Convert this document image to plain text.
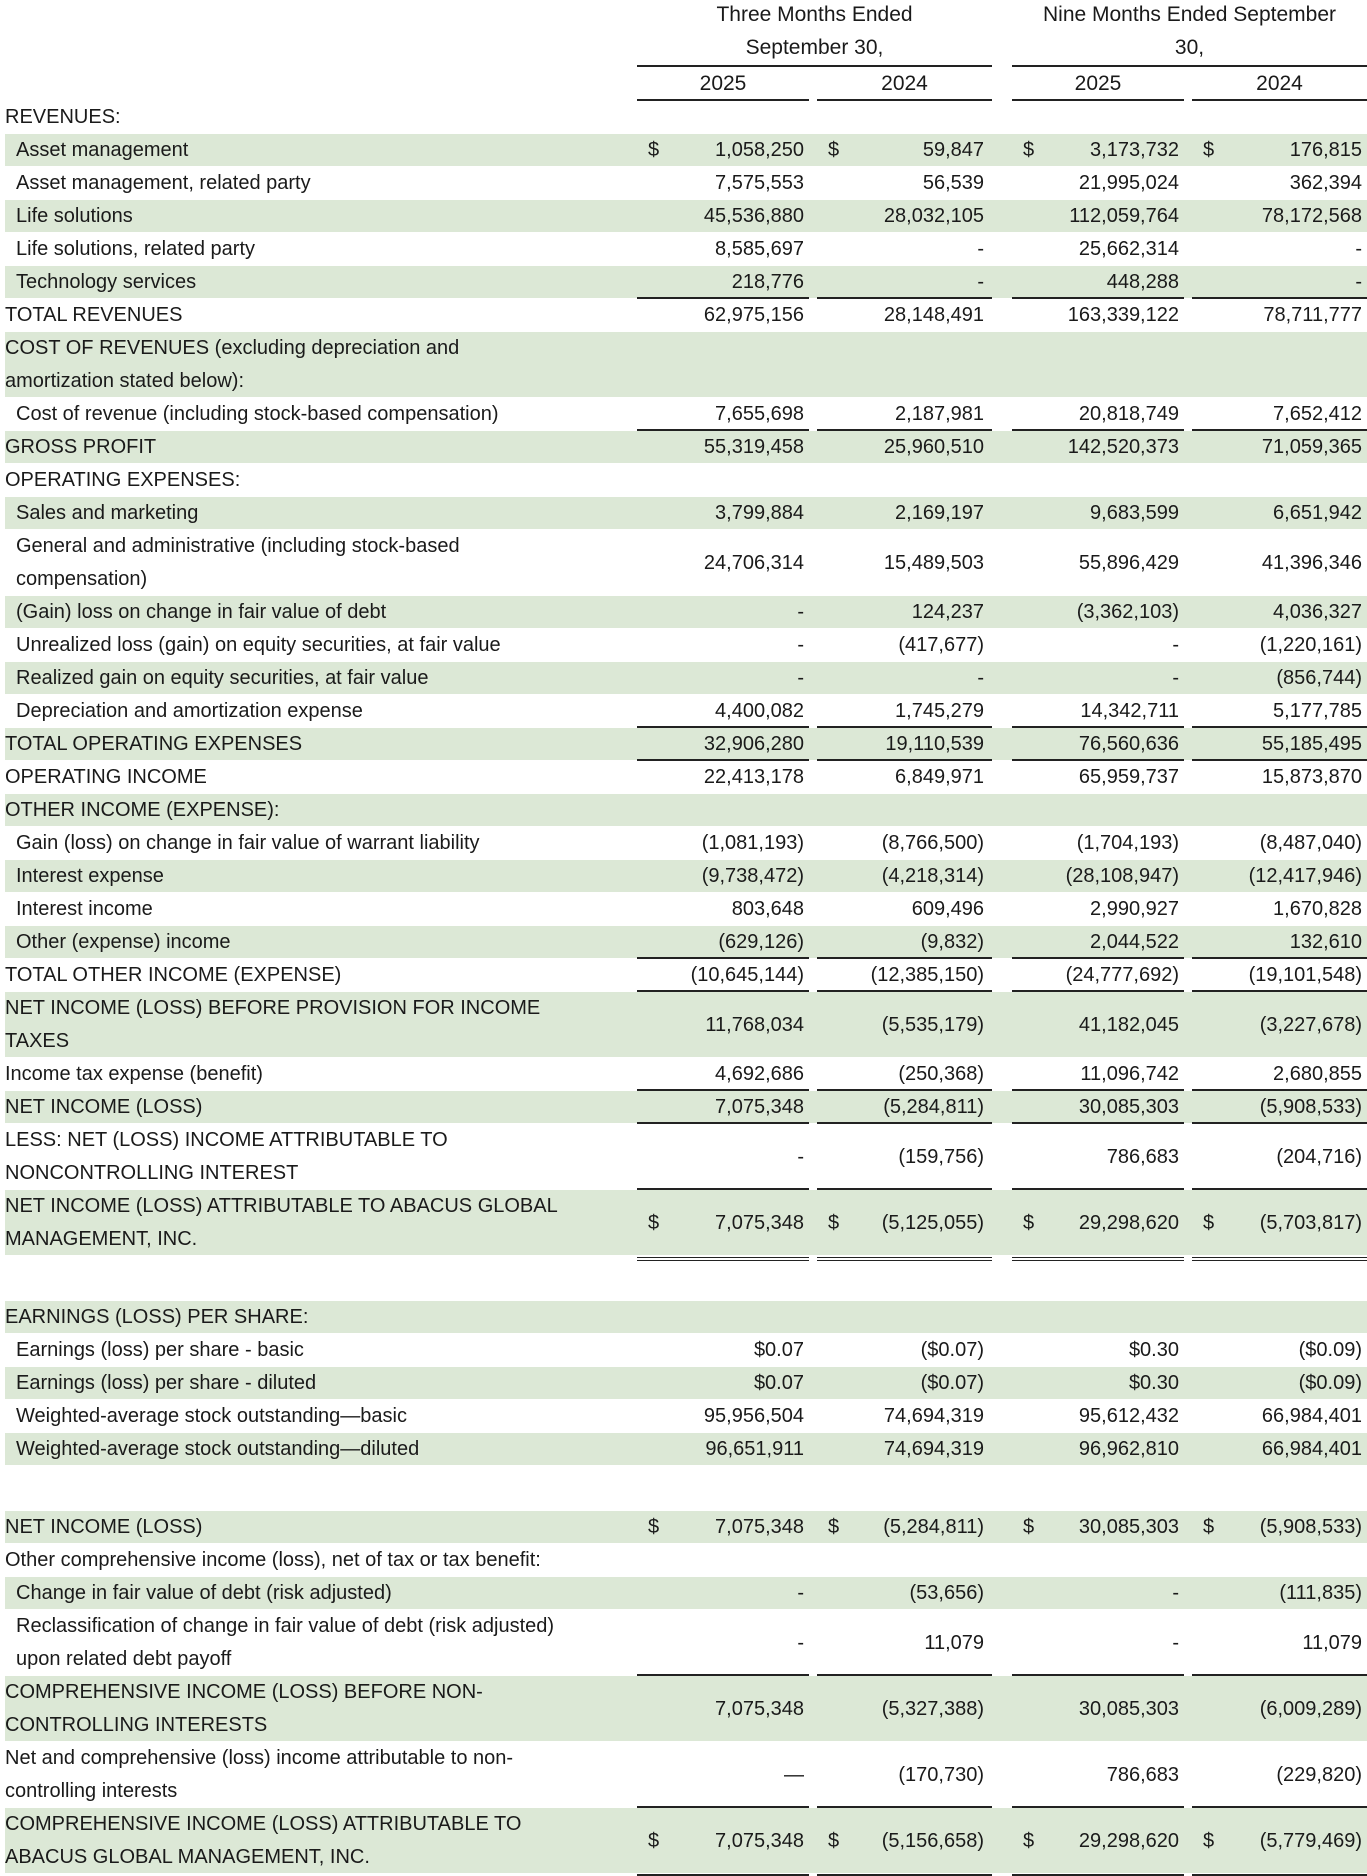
Three Months Ended
September 30,
Nine Months Ended September
30,
2025	2024	2025	2024
REVENUES:
Asset management	$	1,058,250 $	59,847 $	3,173,732 $	176,815
Asset management, related party	7,575,553	56,539	21,995,024	362,394
Life solutions	45,536,880	28,032,105	112,059,764	78,172,568
Life solutions, related party	8,585,697	-	25,662,314	-
Technology services	218,776	-	448,288	-
TOTAL REVENUES	62,975,156	28,148,491	163,339,122	78,711,777
COST OF REVENUES (excluding depreciation and
amortization stated below):
Cost of revenue (including stock-based compensation)	7,655,698	2,187,981	20,818,749	7,652,412
GROSS PROFIT	55,319,458	25,960,510	142,520,373	71,059,365
OPERATING EXPENSES:
Sales and marketing	3,799,884	2,169,197	9,683,599	6,651,942
General and administrative (including stock-based
compensation)
24,706,314	15,489,503	55,896,429	41,396,346
(Gain) loss on change in fair value of debt	-	124,237	(3,362,103)	4,036,327
Unrealized loss (gain) on equity securities, at fair value	-	(417,677)	-	(1,220,161)
Realized gain on equity securities, at fair value	-	-	-	(856,744)
Depreciation and amortization expense	4,400,082	1,745,279	14,342,711	5,177,785
TOTAL OPERATING EXPENSES	32,906,280	19,110,539	76,560,636	55,185,495
OPERATING INCOME	22,413,178	6,849,971	65,959,737	15,873,870
OTHER INCOME (EXPENSE):
Gain (loss) on change in fair value of warrant liability	(1,081,193)	(8,766,500)	(1,704,193)	(8,487,040)
Interest expense	(9,738,472)	(4,218,314)	(28,108,947)	(12,417,946)
Interest income	803,648	609,496	2,990,927	1,670,828
Other (expense) income	(629,126)	(9,832)	2,044,522	132,610
TOTAL OTHER INCOME (EXPENSE)	(10,645,144)	(12,385,150)	(24,777,692)	(19,101,548)
NET INCOME (LOSS) BEFORE PROVISION FOR INCOME
TAXES
11,768,034	(5,535,179)	41,182,045	(3,227,678)
Income tax expense (benefit)	4,692,686	(250,368)	11,096,742	2,680,855
NET INCOME (LOSS)	7,075,348	(5,284,811)	30,085,303	(5,908,533)
LESS: NET (LOSS) INCOME ATTRIBUTABLE TO
NONCONTROLLING INTEREST
-	(159,756)	786,683	(204,716)
NET INCOME (LOSS) ATTRIBUTABLE TO ABACUS GLOBAL
MANAGEMENT, INC.
$	7,075,348 $	(5,125,055) $	29,298,620 $	(5,703,817)
EARNINGS (LOSS) PER SHARE:
Earnings (loss) per share - basic	$0.07	($0.07)	$0.30	($0.09)
Earnings (loss) per share - diluted	$0.07	($0.07)	$0.30	($0.09)
Weighted-average stock outstanding—basic	95,956,504	74,694,319	95,612,432	66,984,401
Weighted-average stock outstanding—diluted	96,651,911	74,694,319	96,962,810	66,984,401
NET INCOME (LOSS)	$	7,075,348 $	(5,284,811) $	30,085,303 $	(5,908,533)
Other comprehensive income (loss), net of tax or tax benefit:
Change in fair value of debt (risk adjusted)	-	(53,656)	-	(111,835)
Reclassification of change in fair value of debt (risk adjusted)
upon related debt payoff
-	11,079	-	11,079
COMPREHENSIVE INCOME (LOSS) BEFORE NON-
CONTROLLING INTERESTS
7,075,348	(5,327,388)	30,085,303	(6,009,289)
Net and comprehensive (loss) income attributable to non-
controlling interests
—	(170,730)	786,683	(229,820)
COMPREHENSIVE INCOME (LOSS) ATTRIBUTABLE TO
ABACUS GLOBAL MANAGEMENT, INC.
$	7,075,348 $	(5,156,658) $	29,298,620 $	(5,779,469)
